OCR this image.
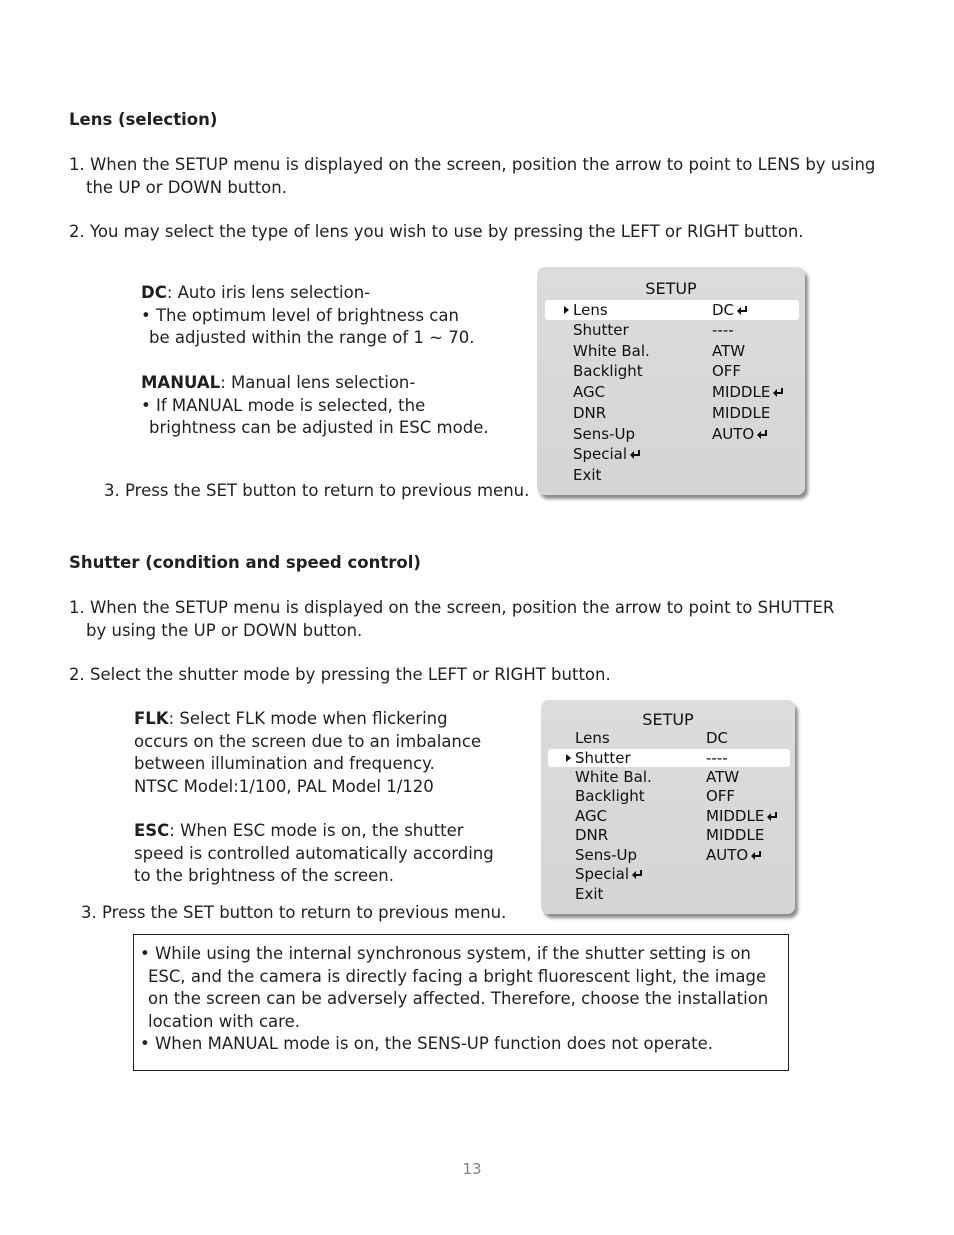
Lens (selection)

1. When the SETUP menu is displayed on the screen, position the arrow to point to LENS by using the UP or DOWN button.

2. You may select the type of lens you wish to use by pressing the LEFT or RIGHT button.

DC: Auto iris lens selection-
• The optimum level of brightness can be adjusted within the range of 1 ~ 70.
MANUAL: Manual lens selection-
• If MANUAL mode is selected, the brightness can be adjusted in ESC mode.

3. Press the SET button to return to previous menu.

SETUP
Lens	DC
Shutter	----
White Bal.	ATW
Backlight	OFF
AGC	MIDDLE
DNR	MIDDLE
Sens-Up	AUTO
Special
Exit

Shutter (condition and speed control)

1. When the SETUP menu is displayed on the screen, position the arrow to point to SHUTTER by using the UP or DOWN button.

2. Select the shutter mode by pressing the LEFT or RIGHT button.

FLK: Select FLK mode when flickering occurs on the screen due to an imbalance between illumination and frequency.
NTSC Model:1/100, PAL Model 1/120
ESC: When ESC mode is on, the shutter speed is controlled automatically according to the brightness of the screen.

3. Press the SET button to return to previous menu.

SETUP
Lens	DC
Shutter	----
White Bal.	ATW
Backlight	OFF
AGC	MIDDLE
DNR	MIDDLE
Sens-Up	AUTO
Special
Exit

• While using the internal synchronous system, if the shutter setting is on ESC, and the camera is directly facing a bright fluorescent light, the image on the screen can be adversely affected. Therefore, choose the installation location with care.

• When MANUAL mode is on, the SENS-UP function does not operate.

13
